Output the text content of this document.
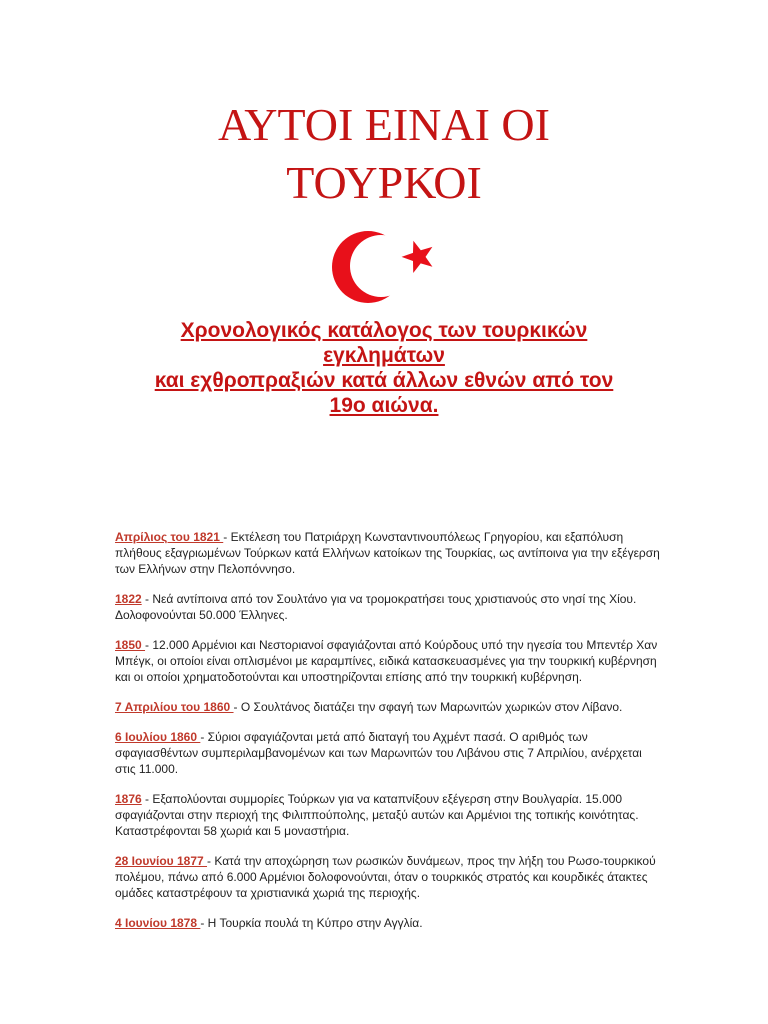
ΑΥΤΟΙ ΕΙΝΑΙ ΟΙ
ΤΟΥΡΚΟΙ
Χρονολογικός κατάλογος των τουρκικών
εγκλημάτων
και εχθροπραξιών κατά άλλων εθνών από τον
19ο αιώνα.

Απρίλιος του 1821 - Εκτέλεση του Πατριάρχη Κωνσταντινουπόλεως Γρηγορίου, και εξαπόλυση πλήθους εξαγριωμένων Τούρκων κατά Ελλήνων κατοίκων της Τουρκίας, ως αντίποινα για την εξέγερση των Ελλήνων στην Πελοπόννησο.

1822 - Νεά αντίποινα από τον Σουλτάνο για να τρομοκρατήσει τους χριστιανούς στο νησί της Χίου. Δολοφονούνται 50.000 Έλληνες.

1850 - 12.000 Αρμένιοι και Νεστοριανοί σφαγιάζονται από Κούρδους υπό την ηγεσία του Μπεντέρ Χαν Μπέγκ, οι οποίοι είναι οπλισμένοι με καραμπίνες, ειδικά κατασκευασμένες για την τουρκική κυβέρνηση και οι οποίοι χρηματοδοτούνται και υποστηρίζονται επίσης από την τουρκική κυβέρνηση.

7 Απριλίου του 1860 - Ο Σουλτάνος διατάζει την σφαγή των Μαρωνιτών χωρικών στον Λίβανο.

6 Ιουλίου 1860 - Σύριοι σφαγιάζονται μετά από διαταγή του Αχμέντ πασά. Ο αριθμός των σφαγιασθέντων συμπεριλαμβανομένων και των Μαρωνιτών του Λιβάνου στις 7 Απριλίου, ανέρχεται στις 11.000.

1876 - Εξαπολύονται συμμορίες Τούρκων για να καταπνίξουν εξέγερση στην Βουλγαρία. 15.000 σφαγιάζονται στην περιοχή της Φιλιππούπολης, μεταξύ αυτών και Αρμένιοι της τοπικής κοινότητας. Καταστρέφονται 58 χωριά και 5 μοναστήρια.

28 Ιουνίου 1877 - Κατά την αποχώρηση των ρωσικών δυνάμεων, προς την λήξη του Ρωσο-τουρκικού πολέμου, πάνω από 6.000 Αρμένιοι δολοφονούνται, όταν ο τουρκικός στρατός και κουρδικές άτακτες ομάδες καταστρέφουν τα χριστιανικά χωριά της περιοχής.

4 Ιουνίου 1878 - Η Τουρκία πουλά τη Κύπρο στην Αγγλία.
